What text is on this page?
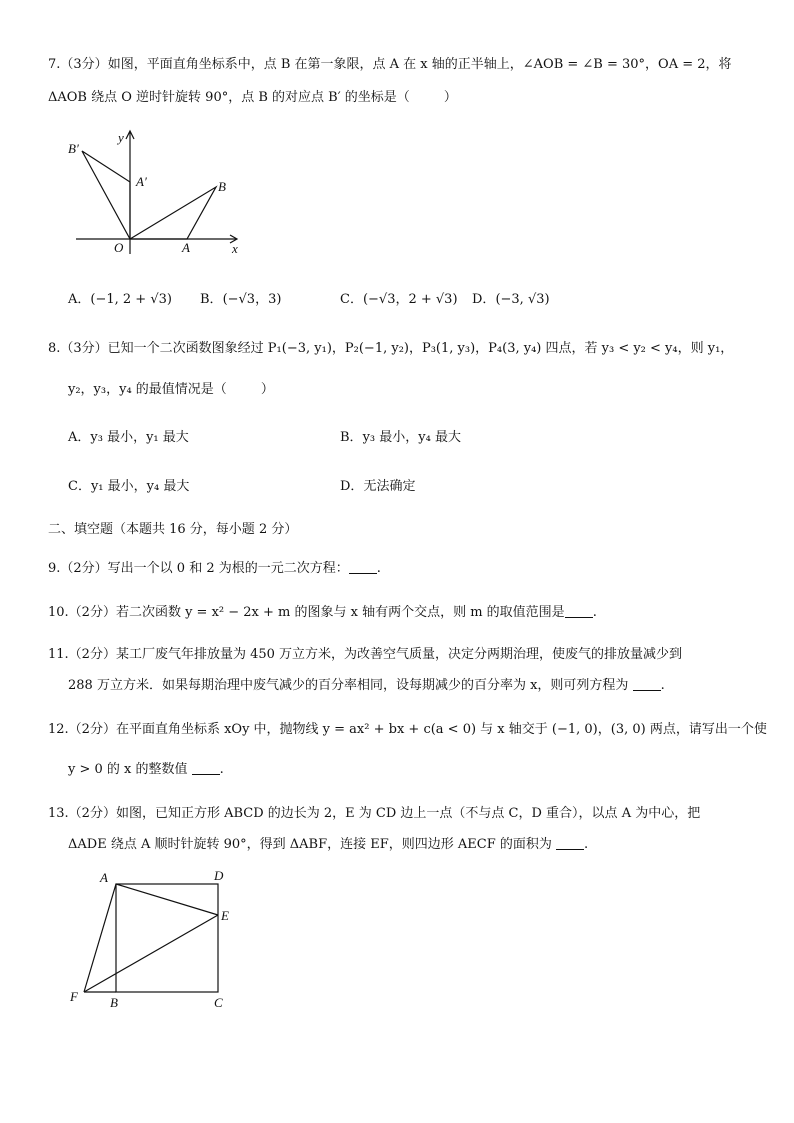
7.（3分）如图，平面直角坐标系中，点 B 在第一象限，点 A 在 x 轴的正半轴上，∠AOB = ∠B = 30°，OA = 2，将
ΔAOB 绕点 O 逆时针旋转 90°，点 B 的对应点 B′ 的坐标是（	）
y
x
O	A
B
B′
A′
A．(−1, 2 + √3) B．(−√3，3)	C．(−√3，2 + √3) D．(−3, √3)
8.（3分）已知一个二次函数图象经过 P₁(−3, y₁)，P₂(−1, y₂)，P₃(1, y₃)，P₄(3, y₄) 四点，若 y₃ < y₂ < y₄，则 y₁，
y₂，y₃，y₄ 的最值情况是（	）
A．y₃ 最小，y₁ 最大	B．y₃ 最小，y₄ 最大
C．y₁ 最小，y₄ 最大	D．无法确定
二、填空题（本题共 16 分，每小题 2 分）
9.（2分）写出一个以 0 和 2 为根的一元二次方程： .
10.（2分）若二次函数 y = x² − 2x + m 的图象与 x 轴有两个交点，则 m 的取值范围是 .
11.（2分）某工厂废气年排放量为 450 万立方米，为改善空气质量，决定分两期治理，使废气的排放量减少到
288 万立方米．如果每期治理中废气减少的百分率相同，设每期减少的百分率为 x，则可列方程为 .
12.（2分）在平面直角坐标系 xOy 中，抛物线 y = ax² + bx + c(a < 0) 与 x 轴交于 (−1, 0)，(3, 0) 两点，请写出一个使
y > 0 的 x 的整数值 .
13.（2分）如图，已知正方形 ABCD 的边长为 2，E 为 CD 边上一点（不与点 C，D 重合），以点 A 为中心，把
ΔADE 绕点 A 顺时针旋转 90°，得到 ΔABF，连接 EF，则四边形 AECF 的面积为 .
A	D
E
F B	C
